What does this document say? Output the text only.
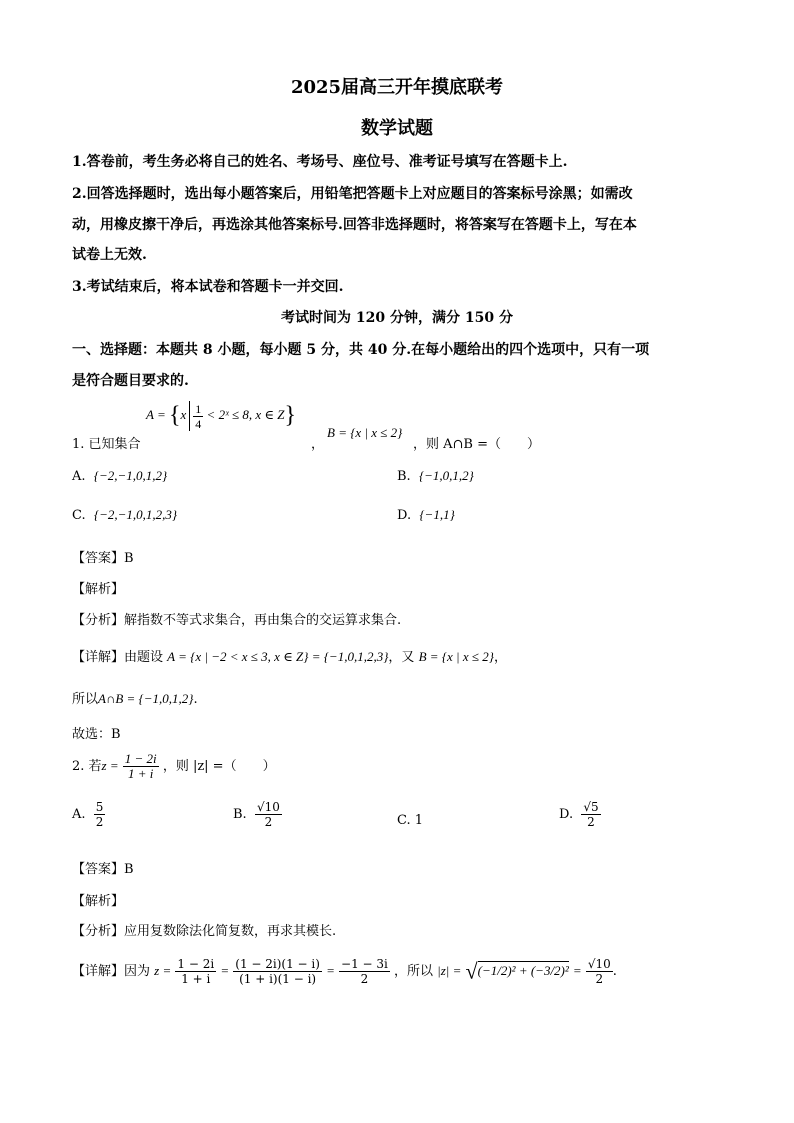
2025届高三开年摸底联考
数学试题
1.答卷前，考生务必将自己的姓名、考场号、座位号、准考证号填写在答题卡上.
2.回答选择题时，选出每小题答案后，用铅笔把答题卡上对应题目的答案标号涂黑；如需改
动，用橡皮擦干净后，再选涂其他答案标号.回答非选择题时，将答案写在答题卡上，写在本
试卷上无效.
3.考试结束后，将本试卷和答题卡一并交回.
考试时间为 120 分钟，满分 150 分
一、选择题：本题共 8 小题，每小题 5 分，共 40 分.在每小题给出的四个选项中，只有一项
是符合题目要求的.
1. 已知集合
$A = \{x \frac{1}{4}$ < 2ˣ ≤ 8, x ∈ Z}
，
B = {x | x ≤ 2}
，则 A∩B =（　　）
A. {−2,−1,0,1,2}	B. {−1,0,1,2}
C. {−2,−1,0,1,2,3}	D. {−1,1}
【答案】B
【解析】
【分析】解指数不等式求集合，再由集合的交运算求集合.
【详解】由题设 A = {x | −2 < x ≤ 3, x ∈ Z} = {−1,0,1,2,3}，又 B = {x | x ≤ 2}，
所以A∩B = {−1,0,1,2}.
故选：B
2. 若$z = \frac{1 - 2i}{1 + i}$ ，则 |z| =（　　）
A. $\frac{5}{2}$	B. $\frac{√10}{2}$	C. 1	D. $\frac{√5}{2}$
【答案】B
【解析】
【分析】应用复数除法化简复数，再求其模长.
【详解】因为 $z = \frac{1 - 2i}{1 + i} = \frac{(1 - 2i)(1 - i)}{(1 + i)(1 - i)} = \frac{-1 - 3i}{2}$ ，所以 $|z| = √(-1/2)^2 + (-3/2)^2 = \frac{√10}{2}$ .
